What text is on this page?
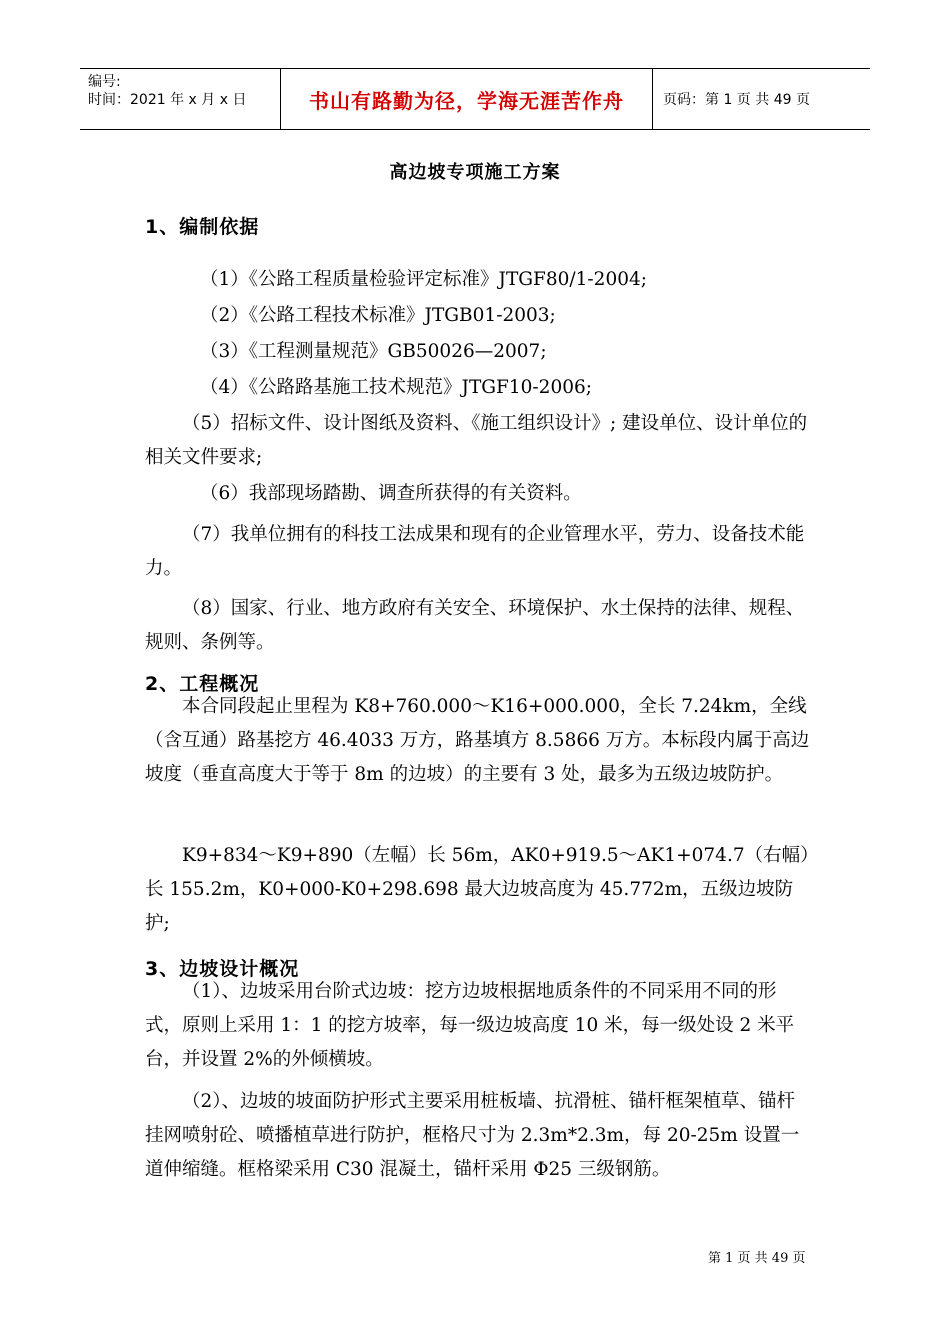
编号:
时间：2021 年 x 月 x 日	书山有路勤为径，学海无涯苦作舟	页码：第 1 页 共 49 页
高边坡专项施工方案
1、编制依据

（1）《公路工程质量检验评定标准》JTGF80/1-2004;

（2）《公路工程技术标准》JTGB01-2003;

（3）《工程测量规范》GB50026—2007;

（4）《公路路基施工技术规范》JTGF10-2006;

（5）招标文件、设计图纸及资料、《施工组织设计》; 建设单位、设计单位的相关文件要求;

（6）我部现场踏勘、调查所获得的有关资料。

（7）我单位拥有的科技工法成果和现有的企业管理水平，劳力、设备技术能力。

（8）国家、行业、地方政府有关安全、环境保护、水土保持的法律、规程、规则、条例等。

2、工程概况

本合同段起止里程为 K8+760.000～K16+000.000，全长 7.24km，全线（含互通）路基挖方 46.4033 万方，路基填方 8.5866 万方。本标段内属于高边坡度（垂直高度大于等于 8m 的边坡）的主要有 3 处，最多为五级边坡防护。

K9+834～K9+890（左幅）长 56m，AK0+919.5～AK1+074.7（右幅）长 155.2m，K0+000-K0+298.698 最大边坡高度为 45.772m，五级边坡防护;

3、边坡设计概况

（1）、边坡采用台阶式边坡：挖方边坡根据地质条件的不同采用不同的形式，原则上采用 1：1 的挖方坡率，每一级边坡高度 10 米，每一级处设 2 米平台，并设置 2%的外倾横坡。

（2）、边坡的坡面防护形式主要采用桩板墙、抗滑桩、锚杆框架植草、锚杆挂网喷射砼、喷播植草进行防护，框格尺寸为 2.3m*2.3m，每 20-25m 设置一道伸缩缝。框格梁采用 C30 混凝土，锚杆采用 Φ25 三级钢筋。

第 1 页 共 49 页
